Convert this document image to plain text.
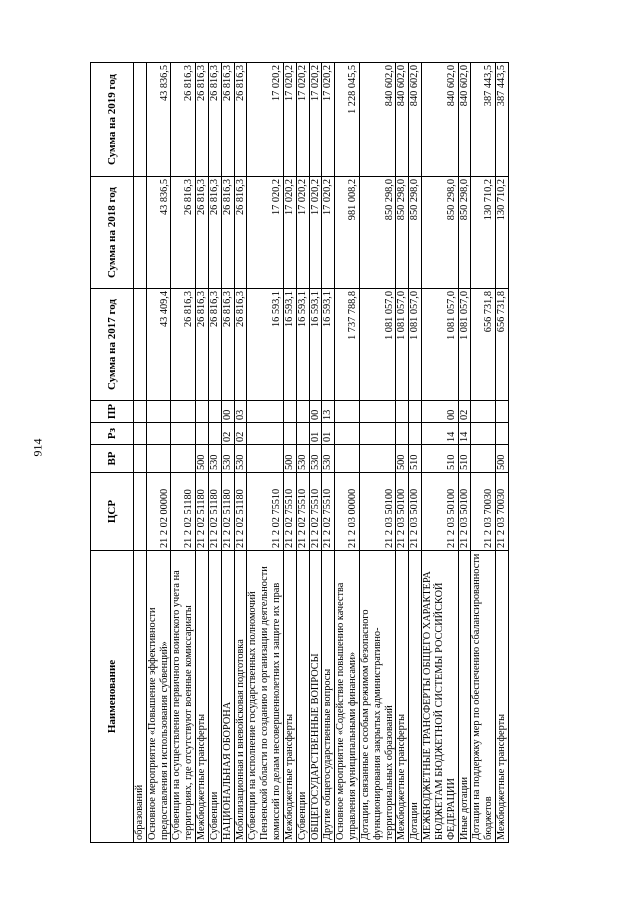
914
Наименование	ЦСР	ВР	Рз	ПР	Сумма на 2017 год	Сумма на 2018 год	Сумма на 2019 год
образований							
Основное мероприятие «Повышение эффективности предоставления и использования субвенций»	21 2 02 00000				43 409,4	43 836,5	43 836,5
Субвенции на осуществление первичного воинского учета на территориях, где отсутствуют военные комиссариаты	21 2 02 51180				26 816,3	26 816,3	26 816,3
Межбюджетные трансферты	21 2 02 51180	500			26 816,3	26 816,3	26 816,3
Субвенции	21 2 02 51180	530			26 816,3	26 816,3	26 816,3
НАЦИОНАЛЬНАЯ ОБОРОНА	21 2 02 51180	530	02	00	26 816,3	26 816,3	26 816,3
Мобилизационная и вневойсковая подготовка	21 2 02 51180	530	02	03	26 816,3	26 816,3	26 816,3
Субвенции на исполнение государственных полномочий Пензенской области по созданию и организации деятельности комиссий по делам несовершеннолетних и защите их прав	21 2 02 75510				16 593,1	17 020,2	17 020,2
Межбюджетные трансферты	21 2 02 75510	500			16 593,1	17 020,2	17 020,2
Субвенции	21 2 02 75510	530			16 593,1	17 020,2	17 020,2
ОБЩЕГОСУДАРСТВЕННЫЕ ВОПРОСЫ	21 2 02 75510	530	01	00	16 593,1	17 020,2	17 020,2
Другие общегосударственные вопросы	21 2 02 75510	530	01	13	16 593,1	17 020,2	17 020,2
Основное мероприятие «Содействие повышению качества управления муниципальными финансами»	21 2 03 00000				1 737 788,8	981 008,2	1 228 045,5
Дотации, связанные с особым режимом безопасного функционирования закрытых административно-территориальных образований	21 2 03 50100				1 081 057,0	850 298,0	840 602,0
Межбюджетные трансферты	21 2 03 50100	500			1 081 057,0	850 298,0	840 602,0
Дотации	21 2 03 50100	510			1 081 057,0	850 298,0	840 602,0
МЕЖБЮДЖЕТНЫЕ ТРАНСФЕРТЫ ОБЩЕГО ХАРАКТЕРА БЮДЖЕТАМ БЮДЖЕТНОЙ СИСТЕМЫ РОССИЙСКОЙ ФЕДЕРАЦИИ	21 2 03 50100	510	14	00	1 081 057,0	850 298,0	840 602,0
Иные дотации	21 2 03 50100	510	14	02	1 081 057,0	850 298,0	840 602,0
Дотации на поддержку мер по обеспечению сбалансированности бюджетов	21 2 03 70030				656 731,8	130 710,2	387 443,5
Межбюджетные трансферты	21 2 03 70030	500			656 731,8	130 710,2	387 443,5
